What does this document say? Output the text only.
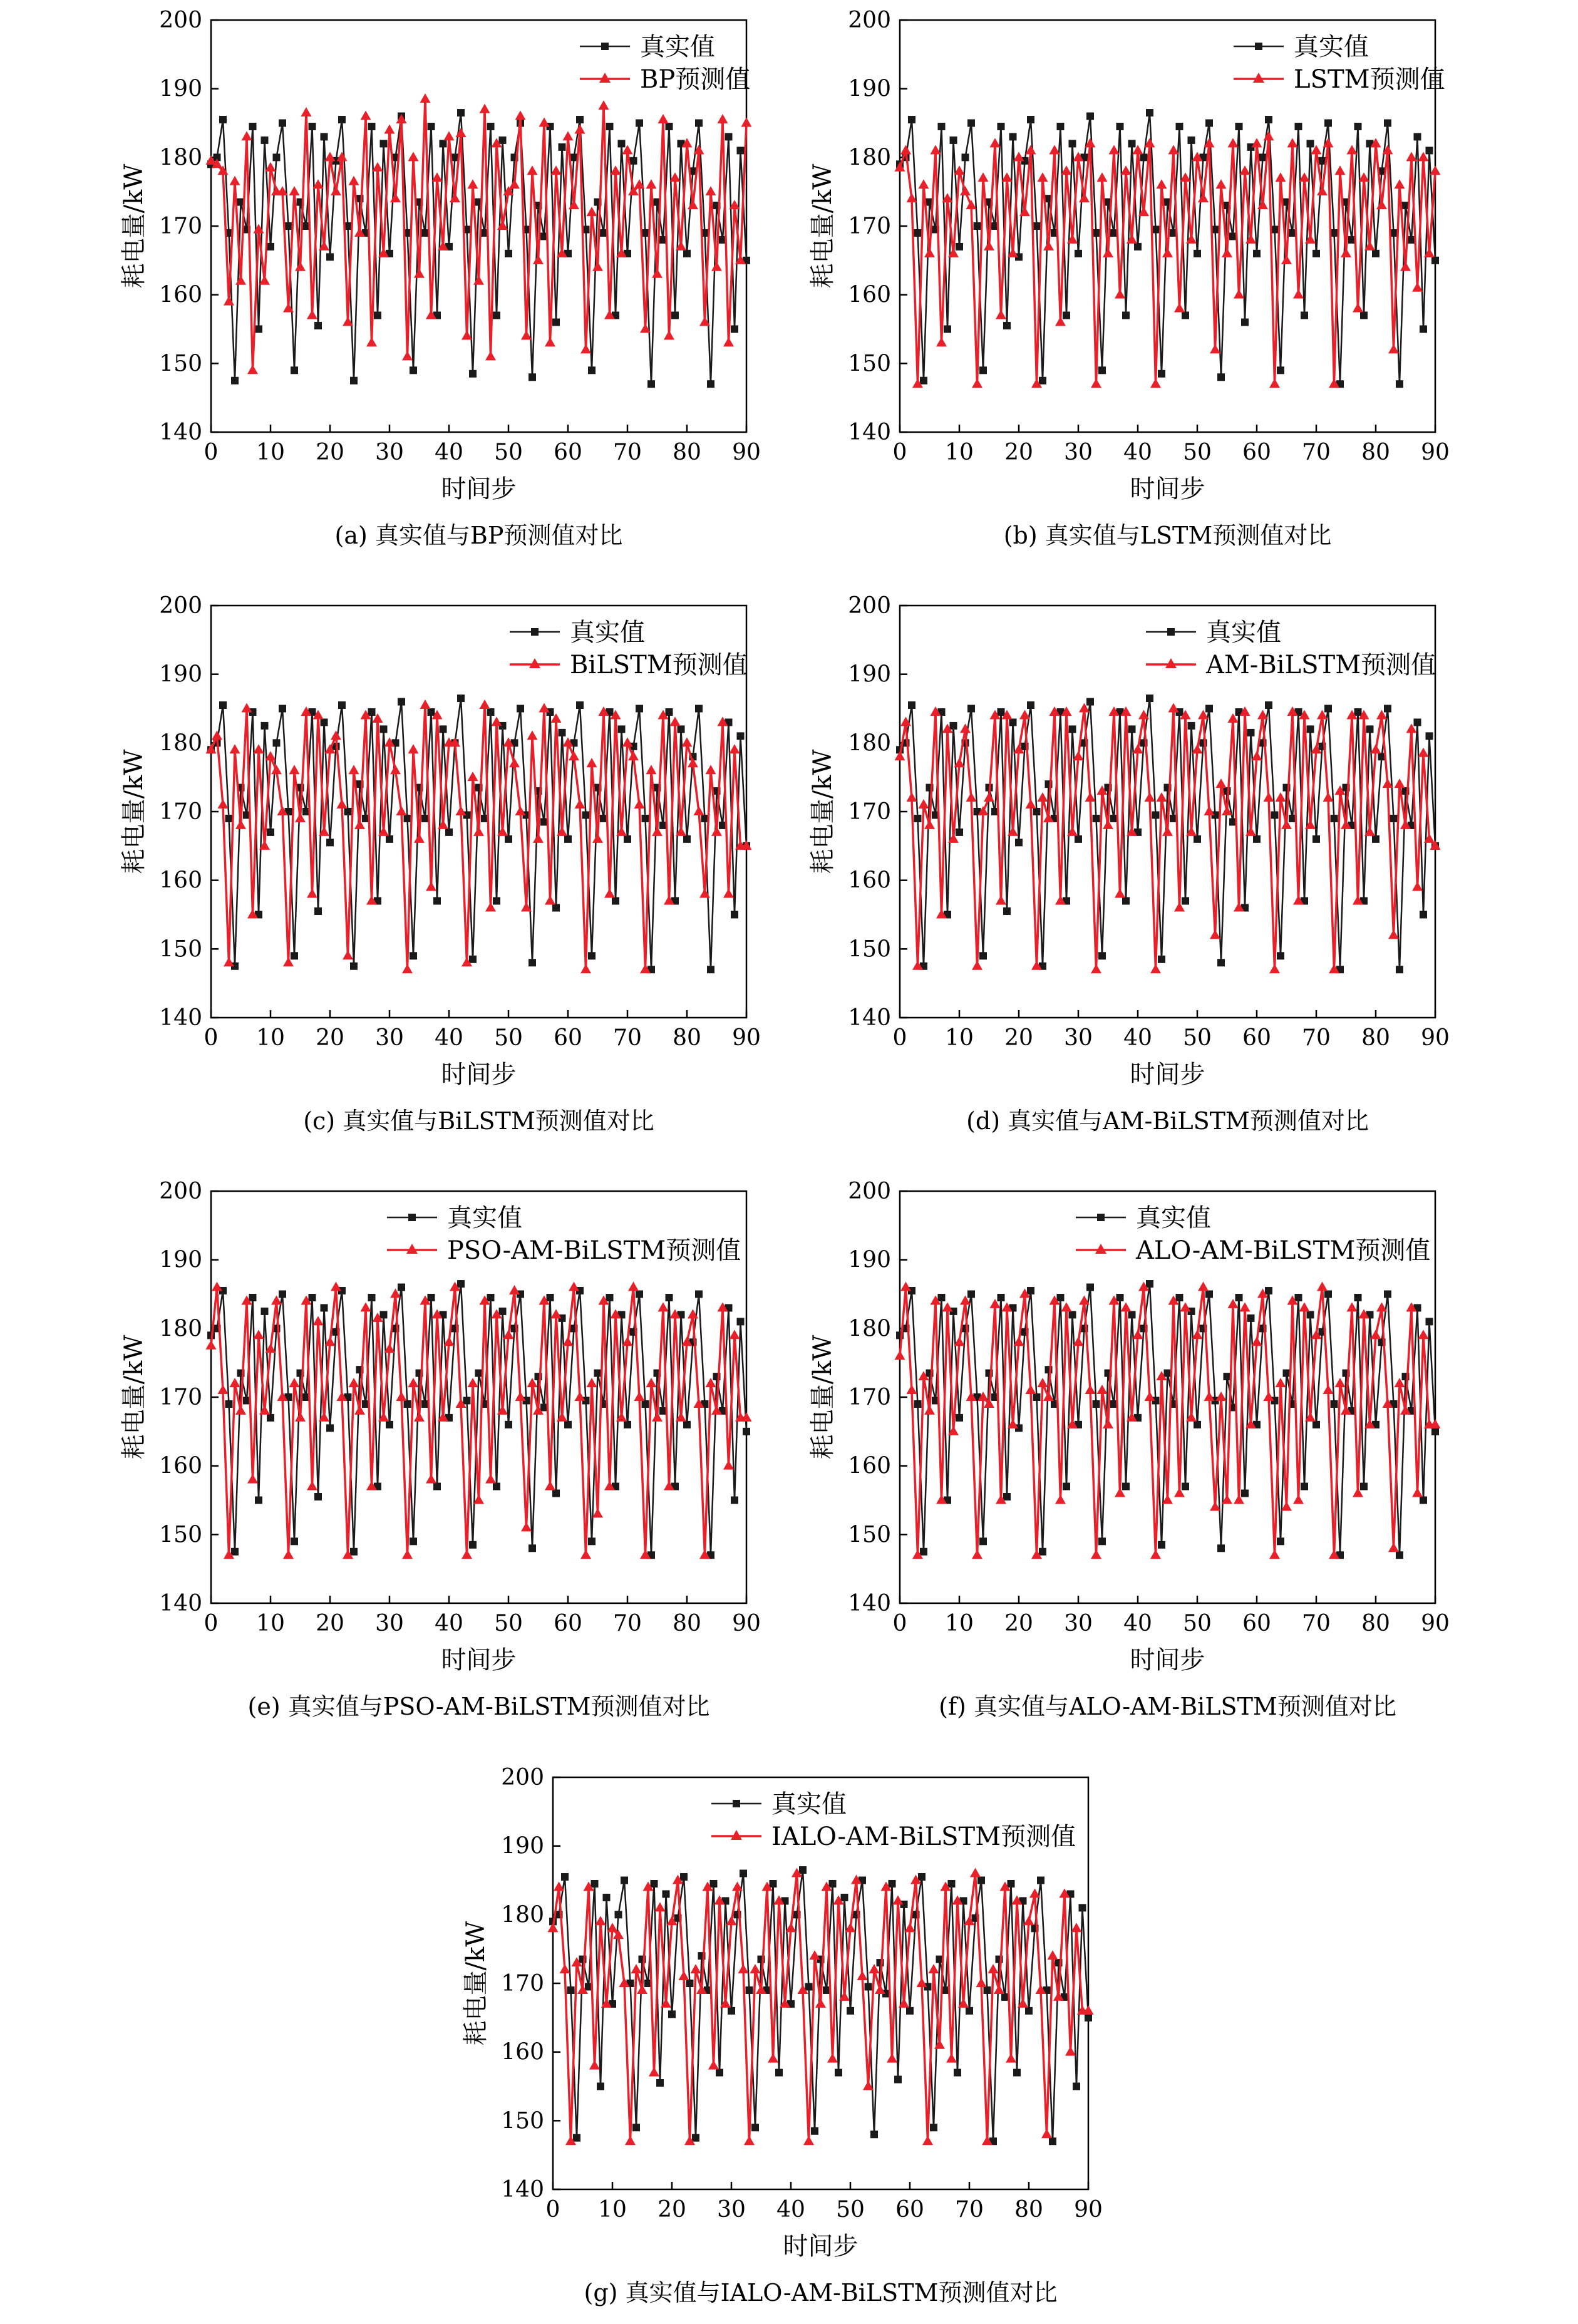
140
150
160
170
180
190
200
0 10 20 30 40 50 60 70 80 90
时间步
耗电量/kW
(a) 真实值与BP预测值对比
真实值
BP预测值
140
150
160
170
180
190
200
0 10 20 30 40 50 60 70 80 90
时间步
耗电量/kW
(b) 真实值与LSTM预测值对比
真实值
LSTM预测值
140
150
160
170
180
190
200
0 10 20 30 40 50 60 70 80 90
时间步
耗电量/kW
(c) 真实值与BiLSTM预测值对比
真实值
BiLSTM预测值
140
150
160
170
180
190
200
0 10 20 30 40 50 60 70 80 90
时间步
耗电量/kW
(d) 真实值与AM-BiLSTM预测值对比
真实值
AM-BiLSTM预测值
140
150
160
170
180
190
200
0 10 20 30 40 50 60 70 80 90
时间步
耗电量/kW
(e) 真实值与PSO-AM-BiLSTM预测值对比
真实值
PSO-AM-BiLSTM预测值
140
150
160
170
180
190
200
0 10 20 30 40 50 60 70 80 90
时间步
耗电量/kW
(f) 真实值与ALO-AM-BiLSTM预测值对比
真实值
ALO-AM-BiLSTM预测值
140
150
160
170
180
190
200
0 10 20 30 40 50 60 70 80 90
时间步
耗电量/kW
(g) 真实值与IALO-AM-BiLSTM预测值对比
真实值
IALO-AM-BiLSTM预测值
